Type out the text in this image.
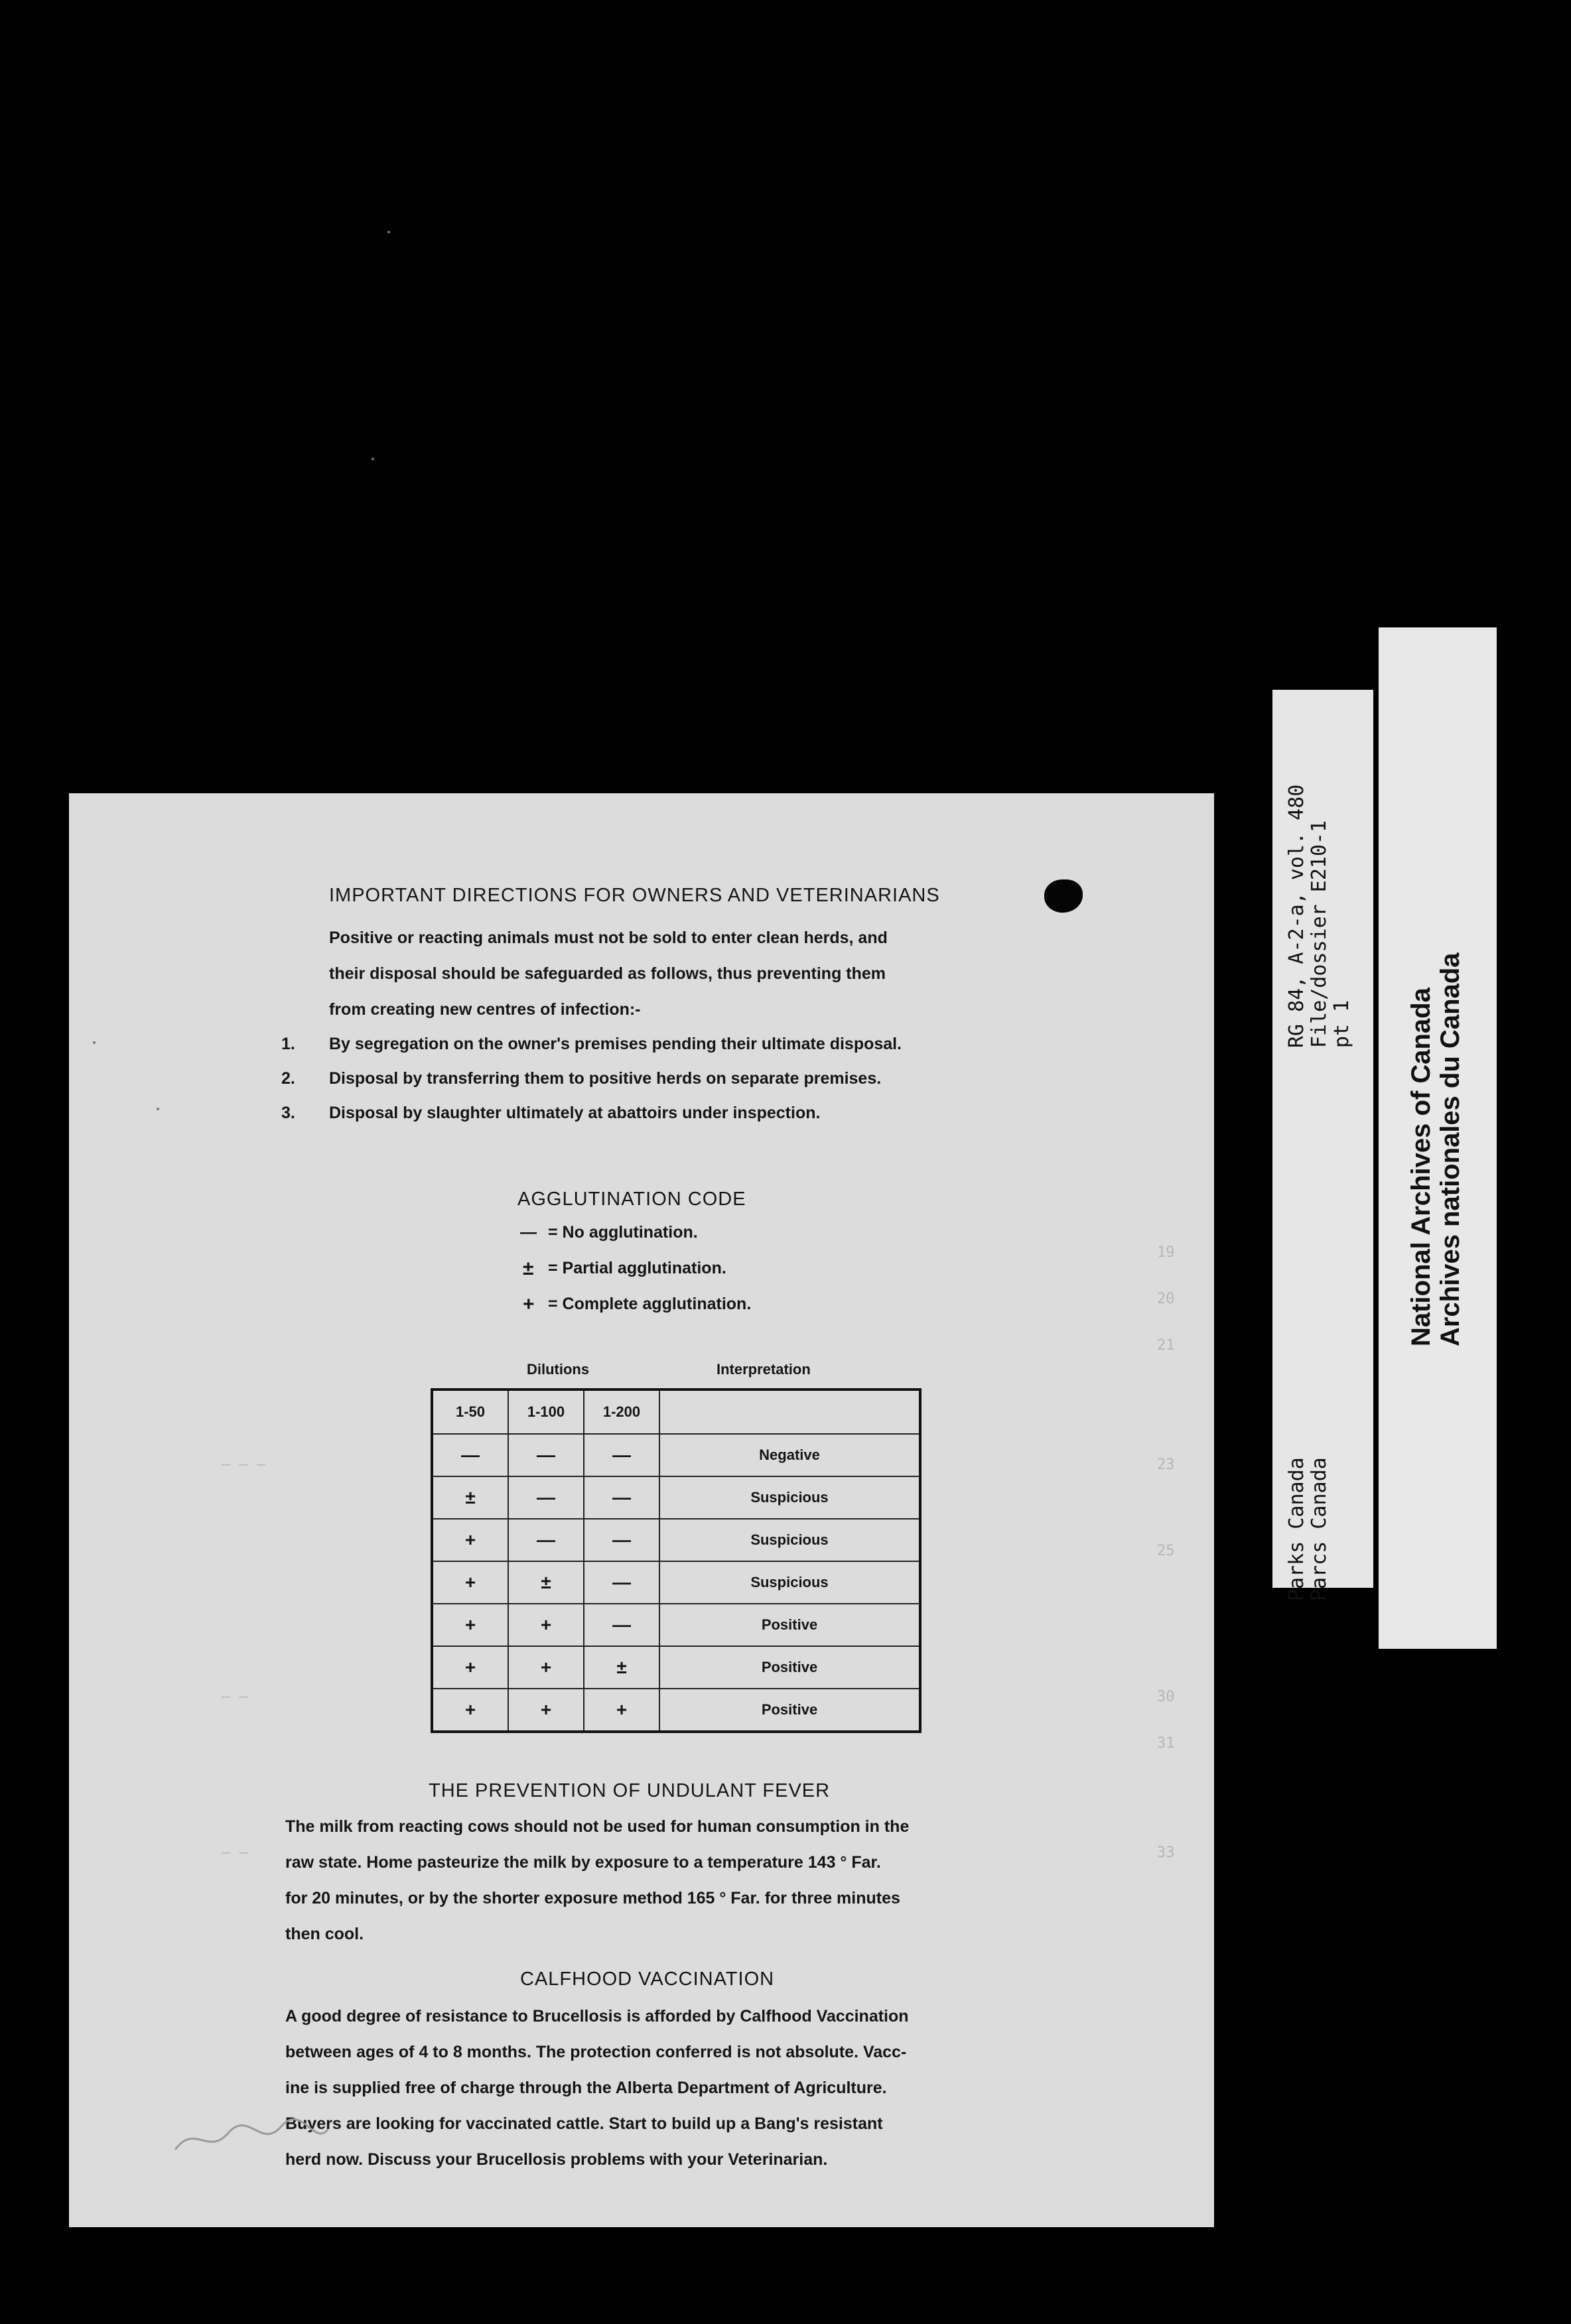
— — —
— —
— —
19
20
21
23
25
30
31
33
IMPORTANT DIRECTIONS FOR OWNERS AND VETERINARIANS
Positive or reacting animals must not be sold to enter clean herds, and
their disposal should be safeguarded as follows, thus preventing them
from creating new centres of infection:-
1. By segregation on the owner's premises pending their ultimate disposal.
2. Disposal by transferring them to positive herds on separate premises.
3. Disposal by slaughter ultimately at abattoirs under inspection.
AGGLUTINATION CODE
— = No agglutination.
± = Partial agglutination.
+ = Complete agglutination.
Dilutions	Interpretation
1-50	1-100	1-200	
—	—	—	Negative
±	—	—	Suspicious
+	—	—	Suspicious
+	±	—	Suspicious
+	+	—	Positive
+	+	±	Positive
+	+	+	Positive
THE PREVENTION OF UNDULANT FEVER
The milk from reacting cows should not be used for human consumption in the
raw state. Home pasteurize the milk by exposure to a temperature 143 ° Far.
for 20 minutes, or by the shorter exposure method 165 ° Far. for three minutes
then cool.
CALFHOOD VACCINATION
A good degree of resistance to Brucellosis is afforded by Calfhood Vaccination
between ages of 4 to 8 months. The protection conferred is not absolute. Vacc-
ine is supplied free of charge through the Alberta Department of Agriculture.
Buyers are looking for vaccinated cattle. Start to build up a Bang's resistant
herd now. Discuss your Brucellosis problems with your Veterinarian.
RG 84, A-2-a, vol. 480 File/dossier E210-1 pt 1
Parks Canada Parcs Canada
National Archives of Canada Archives nationales du Canada
